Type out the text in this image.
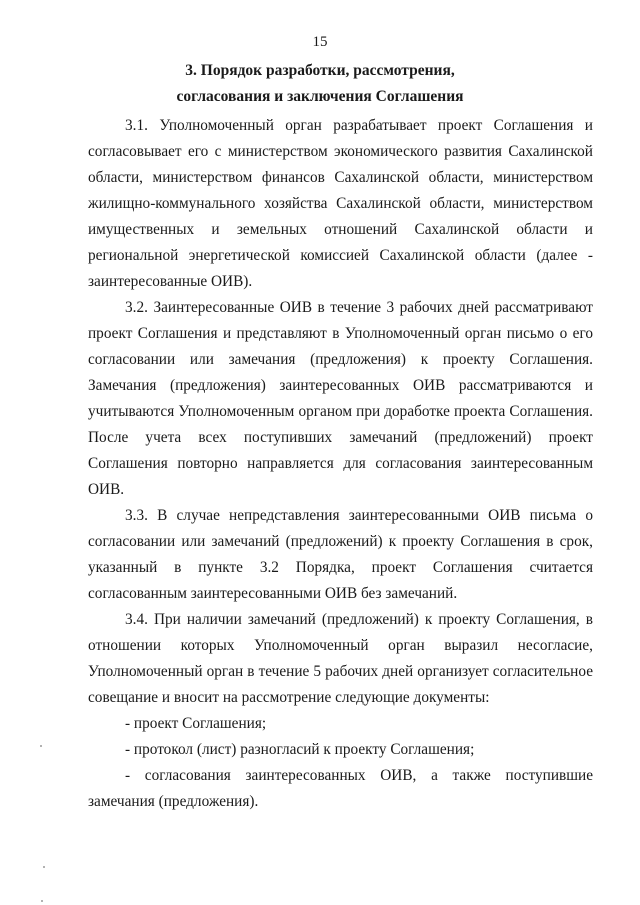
15
3. Порядок разработки, рассмотрения,
согласования и заключения Соглашения

3.1. Уполномоченный орган разрабатывает проект Соглашения и согласовывает его с министерством экономического развития Сахалинской области, министерством финансов Сахалинской области, министерством жилищно-коммунального хозяйства Сахалинской области, министерством имущественных и земельных отношений Сахалинской области и региональной энергетической комиссией Сахалинской области (далее - заинтересованные ОИВ).

3.2. Заинтересованные ОИВ в течение 3 рабочих дней рассматривают проект Соглашения и представляют в Уполномоченный орган письмо о его согласовании или замечания (предложения) к проекту Соглашения. Замечания (предложения) заинтересованных ОИВ рассматриваются и учитываются Уполномоченным органом при доработке проекта Соглашения. После учета всех поступивших замечаний (предложений) проект Соглашения повторно направляется для согласования заинтересованным ОИВ.

3.3. В случае непредставления заинтересованными ОИВ письма о согласовании или замечаний (предложений) к проекту Соглашения в срок, указанный в пункте 3.2 Порядка, проект Соглашения считается согласованным заинтересованными ОИВ без замечаний.

3.4. При наличии замечаний (предложений) к проекту Соглашения, в отношении которых Уполномоченный орган выразил несогласие, Уполномоченный орган в течение 5 рабочих дней организует согласительное совещание и вносит на рассмотрение следующие документы:

- проект Соглашения;

- протокол (лист) разногласий к проекту Соглашения;

- согласования заинтересованных ОИВ, а также поступившие замечания (предложения).
